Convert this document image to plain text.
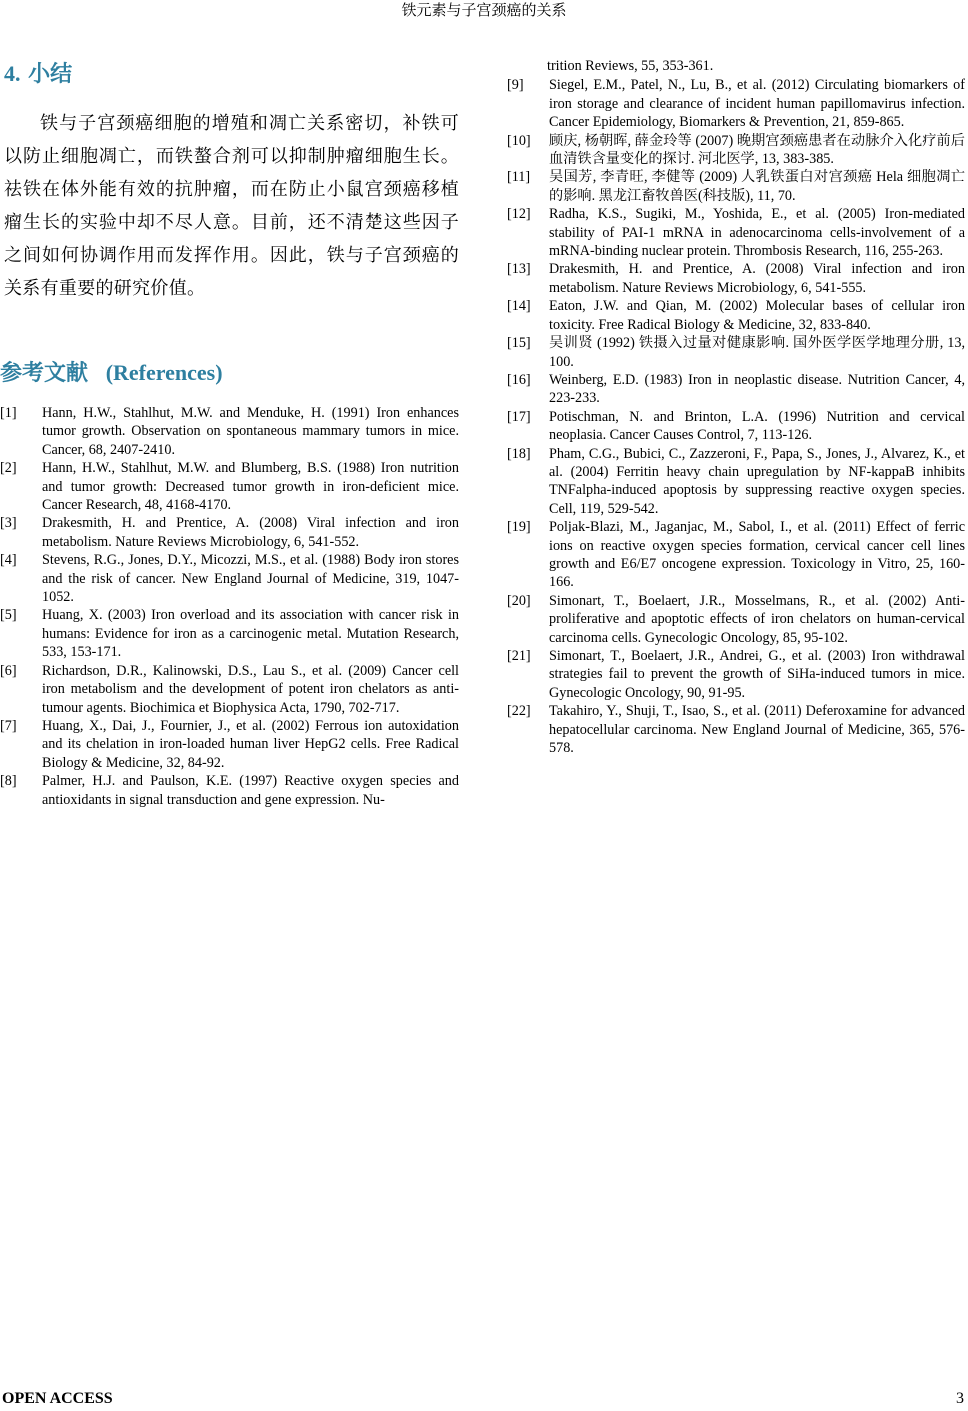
铁元素与子宫颈癌的关系
4. 小结

铁与子宫颈癌细胞的增殖和凋亡关系密切，补铁可以防止细胞凋亡，而铁螯合剂可以抑制肿瘤细胞生长。祛铁在体外能有效的抗肿瘤，而在防止小鼠宫颈癌移植瘤生长的实验中却不尽人意。目前，还不清楚这些因子之间如何协调作用而发挥作用。因此，铁与子宫颈癌的关系有重要的研究价值。

参考文献 (References)
[1] Hann, H.W., Stahlhut, M.W. and Menduke, H. (1991) Iron enhances tumor growth. Observation on spontaneous mammary tumors in mice. Cancer, 68, 2407-2410.
[2] Hann, H.W., Stahlhut, M.W. and Blumberg, B.S. (1988) Iron nutrition and tumor growth: Decreased tumor growth in iron-deficient mice. Cancer Research, 48, 4168-4170.
[3] Drakesmith, H. and Prentice, A. (2008) Viral infection and iron metabolism. Nature Reviews Microbiology, 6, 541-552.
[4] Stevens, R.G., Jones, D.Y., Micozzi, M.S., et al. (1988) Body iron stores and the risk of cancer. New England Journal of Medicine, 319, 1047-1052.
[5] Huang, X. (2003) Iron overload and its association with cancer risk in humans: Evidence for iron as a carcinogenic metal. Mutation Research, 533, 153-171.
[6] Richardson, D.R., Kalinowski, D.S., Lau S., et al. (2009) Cancer cell iron metabolism and the development of potent iron chelators as anti-tumour agents. Biochimica et Biophysica Acta, 1790, 702-717.
[7] Huang, X., Dai, J., Fournier, J., et al. (2002) Ferrous ion autoxidation and its chelation in iron-loaded human liver HepG2 cells. Free Radical Biology & Medicine, 32, 84-92.
[8] Palmer, H.J. and Paulson, K.E. (1997) Reactive oxygen species and antioxidants in signal transduction and gene expression. Nu-
trition Reviews, 55, 353-361.
[9] Siegel, E.M., Patel, N., Lu, B., et al. (2012) Circulating biomarkers of iron storage and clearance of incident human papillomavirus infection. Cancer Epidemiology, Biomarkers & Prevention, 21, 859-865.
[10] 顾庆, 杨朝晖, 薛金玲等 (2007) 晚期宫颈癌患者在动脉介入化疗前后血清铁含量变化的探讨. 河北医学, 13, 383-385.
[11] 吴国芳, 李青旺, 李健等 (2009) 人乳铁蛋白对宫颈癌 Hela 细胞凋亡的影响. 黑龙江畜牧兽医(科技版), 11, 70.
[12] Radha, K.S., Sugiki, M., Yoshida, E., et al. (2005) Iron-mediated stability of PAI-1 mRNA in adenocarcinoma cells-involvement of a mRNA-binding nuclear protein. Thrombosis Research, 116, 255-263.
[13] Drakesmith, H. and Prentice, A. (2008) Viral infection and iron metabolism. Nature Reviews Microbiology, 6, 541-555.
[14] Eaton, J.W. and Qian, M. (2002) Molecular bases of cellular iron toxicity. Free Radical Biology & Medicine, 32, 833-840.
[15] 吴训贤 (1992) 铁摄入过量对健康影响. 国外医学医学地理分册, 13, 100.
[16] Weinberg, E.D. (1983) Iron in neoplastic disease. Nutrition Cancer, 4, 223-233.
[17] Potischman, N. and Brinton, L.A. (1996) Nutrition and cervical neoplasia. Cancer Causes Control, 7, 113-126.
[18] Pham, C.G., Bubici, C., Zazzeroni, F., Papa, S., Jones, J., Alvarez, K., et al. (2004) Ferritin heavy chain upregulation by NF-kappaB inhibits TNFalpha-induced apoptosis by suppressing reactive oxygen species. Cell, 119, 529-542.
[19] Poljak-Blazi, M., Jaganjac, M., Sabol, I., et al. (2011) Effect of ferric ions on reactive oxygen species formation, cervical cancer cell lines growth and E6/E7 oncogene expression. Toxicology in Vitro, 25, 160-166.
[20] Simonart, T., Boelaert, J.R., Mosselmans, R., et al. (2002) Anti-proliferative and apoptotic effects of iron chelators on human-cervical carcinoma cells. Gynecologic Oncology, 85, 95-102.
[21] Simonart, T., Boelaert, J.R., Andrei, G., et al. (2003) Iron withdrawal strategies fail to prevent the growth of SiHa-induced tumors in mice. Gynecologic Oncology, 90, 91-95.
[22] Takahiro, Y., Shuji, T., Isao, S., et al. (2011) Deferoxamine for advanced hepatocellular carcinoma. New England Journal of Medicine, 365, 576-578.
OPEN ACCESS	3
